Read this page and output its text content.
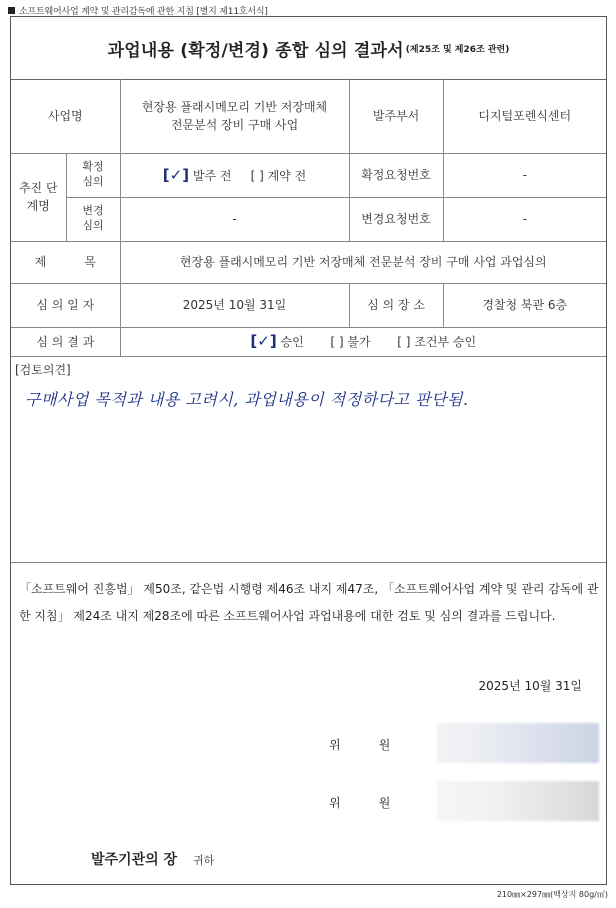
소프트웨어사업 계약 및 관리감독에 관한 지침 [별지 제11호서식]
과업내용 (확정/변경) 종합 심의 결과서 (제25조 및 제26조 관련)
사업명		현장용 플래시메모리 기반 저장매체 전문분석 장비 구매 사업	발주부서	디지털포렌식센터
추진 단계명	확정 심의	[✓] 발주 전 [ ] 계약 전	확정요청번호	-
	변경 심의	-	변경요청번호	-
제          목		현장용 플래시메모리 기반 저장매체 전문분석 장비 구매 사업 과업심의		
심 의 일 자		2025년 10월 31일	심 의 장 소	경찰청 북관 6층
심 의 결 과		[✓] 승인 [ ] 불가 [ ] 조건부 승인		
[검토의견]
구매사업 목적과 내용 고려시, 과업내용이 적정하다고 판단됨.
「소프트웨어 진흥법」 제50조, 같은법 시행령 제46조 내지 제47조, 「소프트웨어사업 계약 및 관리 감독에 관한 지침」 제24조 내지 제28조에 따른 소프트웨어사업 과업내용에 대한 검토 및 심의 결과를 드립니다.
2025년 10월 31일
위          원
위          원
발주기관의 장 귀하
210㎜×297㎜(백상지 80g/㎡)
